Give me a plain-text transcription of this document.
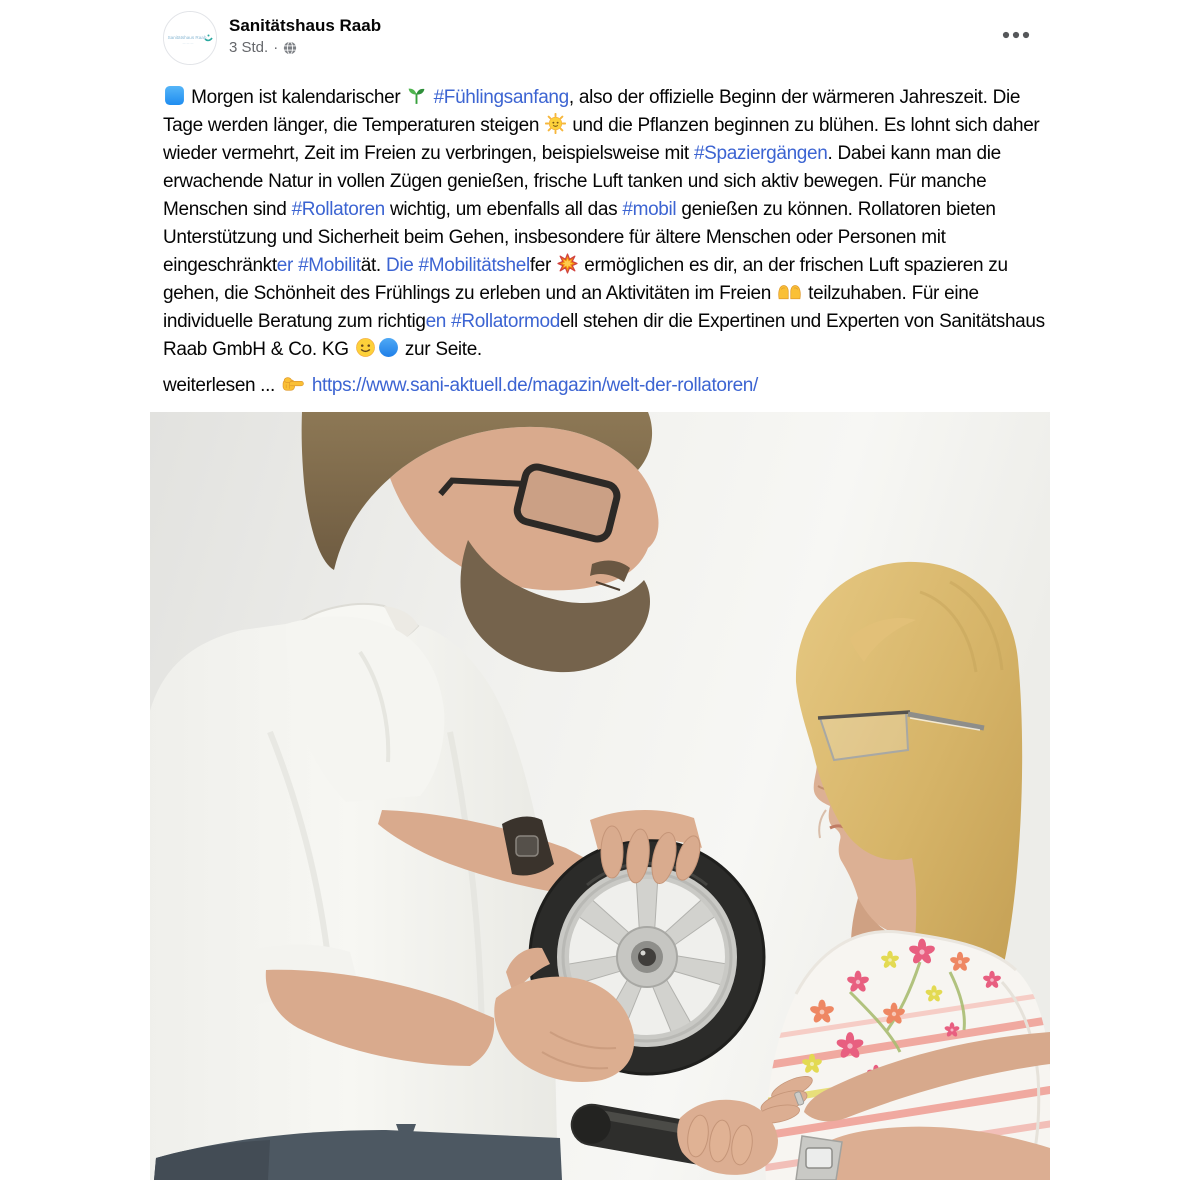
Sanitätshaus Raab
— — —
Sanitätshaus Raab
3 Std. ·
Morgen ist kalendarischer
#Fühlingsanfang, also der offizielle Beginn der wärmeren Jahreszeit. Die Tage werden länger, die Temperaturen steigen
und die Pflanzen beginnen zu blühen. Es lohnt sich daher wieder vermehrt, Zeit im Freien zu verbringen, beispielsweise mit #Spaziergängen. Dabei kann man die erwachende Natur in vollen Zügen genießen, frische Luft tanken und sich aktiv bewegen. Für manche Menschen sind #Rollatoren wichtig, um ebenfalls all das #mobil genießen zu können. Rollatoren bieten Unterstützung und Sicherheit beim Gehen, insbesondere für ältere Menschen oder Personen mit eingeschränkter #Mobilität. Die #Mobilitätshelfer
ermöglichen es dir, an der frischen Luft spazieren zu gehen, die Schönheit des Frühlings zu erleben und an Aktivitäten im Freien
teilzuhaben. Für eine individuelle Beratung zum richtigen #Rollatormodell stehen dir die Expertinen und Experten von Sanitätshaus Raab GmbH & Co. KG
zur Seite.
weiterlesen ...
https://www.sani-aktuell.de/magazin/welt-der-rollatoren/
